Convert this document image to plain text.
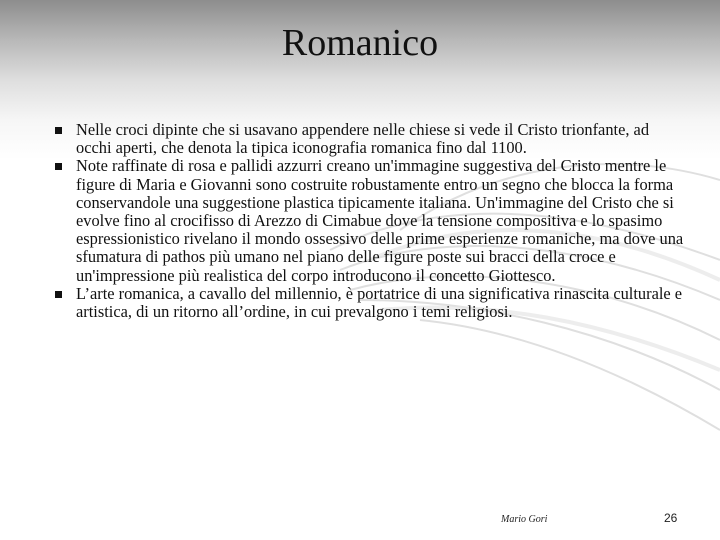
Romanico
Nelle croci dipinte che si usavano appendere nelle chiese si vede il Cristo trionfante, ad occhi aperti, che denota la tipica iconografia romanica fino dal 1100.
Note raffinate di rosa e pallidi azzurri creano un'immagine suggestiva del Cristo mentre le figure di Maria e Giovanni sono costruite robustamente entro un segno che blocca la forma conservandole una suggestione plastica tipicamente italiana. Un'immagine del Cristo che si evolve fino al crocifisso di Arezzo di Cimabue dove la tensione compositiva e lo spasimo espressionistico rivelano il mondo ossessivo delle prime esperienze romaniche, ma dove una sfumatura di pathos più umano nel piano delle figure poste sui bracci della croce e un'impressione più realistica del corpo introducono il concetto Giottesco.
L’arte romanica, a cavallo del millennio, è portatrice di una significativa rinascita culturale e artistica, di un ritorno all’ordine, in cui prevalgono i temi religiosi.
Mario Gori	26
